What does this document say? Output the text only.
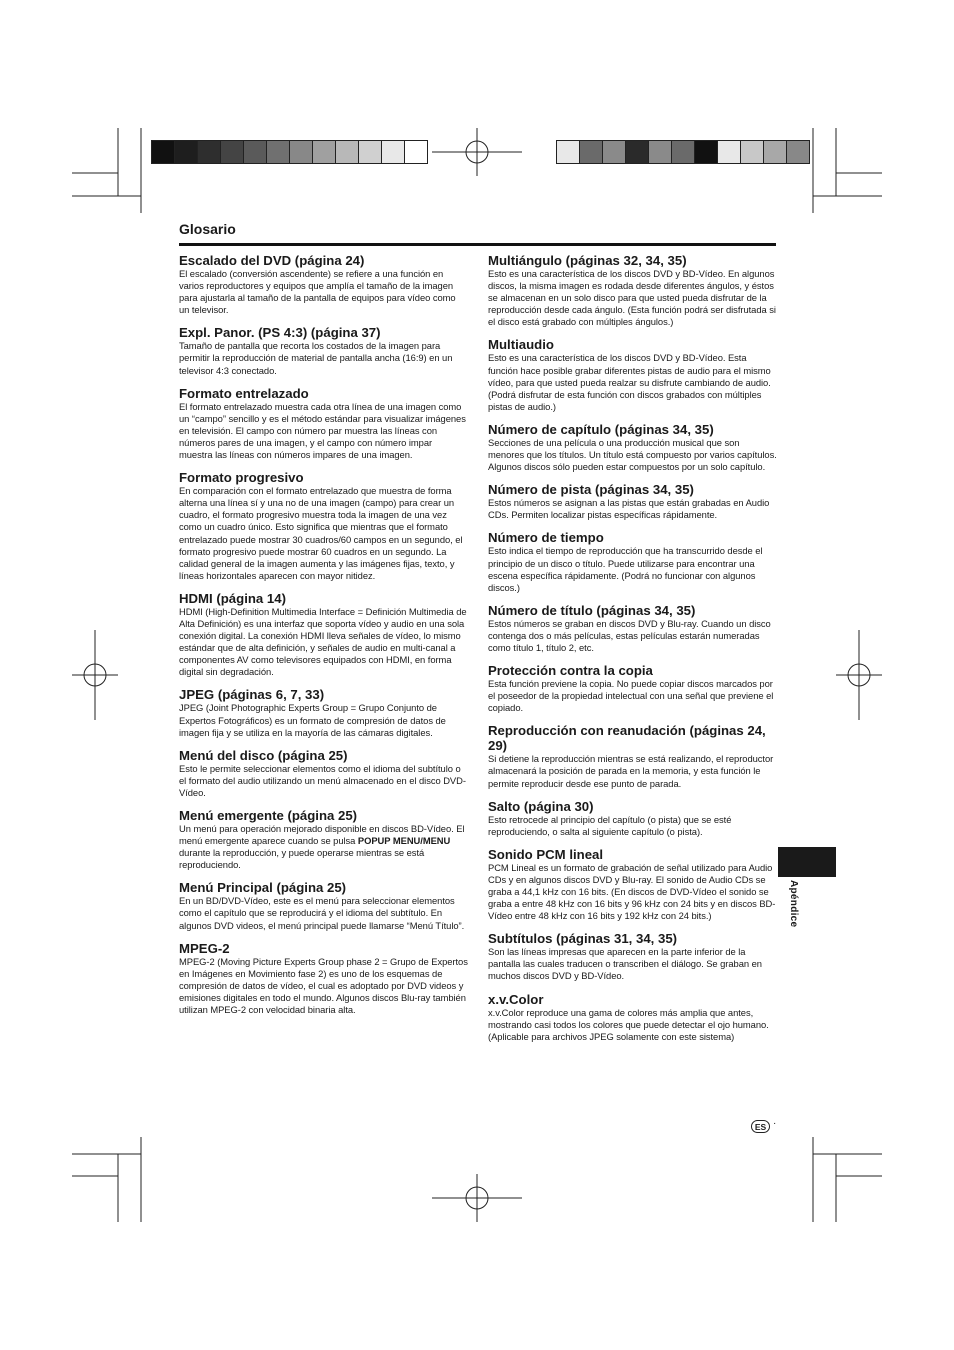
Glosario

Escalado del DVD (página 24)

El escalado (conversión ascendente) se refiere a una función en varios reproductores y equipos que amplía el tamaño de la imagen para ajustarla al tamaño de la pantalla de equipos para vídeo como un televisor.

Expl. Panor. (PS 4:3) (página 37)

Tamaño de pantalla que recorta los costados de la imagen para permitir la reproducción de material de pantalla ancha (16:9) en un televisor 4:3 conectado.

Formato entrelazado

El formato entrelazado muestra cada otra línea de una imagen como un “campo” sencillo y es el método estándar para visualizar imágenes en televisión. El campo con número par muestra las líneas con números pares de una imagen, y el campo con número impar muestra las líneas con números impares de una imagen.

Formato progresivo

En comparación con el formato entrelazado que muestra de forma alterna una línea sí y una no de una imagen (campo) para crear un cuadro, el formato progresivo muestra toda la imagen de una vez como un cuadro único. Esto significa que mientras que el formato entrelazado puede mostrar 30 cuadros/60 campos en un segundo, el formato progresivo puede mostrar 60 cuadros en un segundo. La calidad general de la imagen aumenta y las imágenes fijas, texto, y líneas horizontales aparecen con mayor nitidez.

HDMI (página 14)

HDMI (High-Definition Multimedia Interface = Definición Multimedia de Alta Definición) es una interfaz que soporta vídeo y audio en una sola conexión digital. La conexión HDMI lleva señales de vídeo, lo mismo estándar que de alta definición, y señales de audio en multi-canal a componentes AV como televisores equipados con HDMI, en forma digital sin degradación.

JPEG (páginas 6, 7, 33)

JPEG (Joint Photographic Experts Group = Grupo Conjunto de Expertos Fotográficos) es un formato de compresión de datos de imagen fija y se utiliza en la mayoría de las cámaras digitales.

Menú del disco (página 25)

Esto le permite seleccionar elementos como el idioma del subtítulo o el formato del audio utilizando un menú almacenado en el disco DVD-Vídeo.

Menú emergente (página 25)

Un menú para operación mejorado disponible en discos BD-Vídeo. El menú emergente aparece cuando se pulsa POPUP MENU/MENU durante la reproducción, y puede operarse mientras se está reproduciendo.

Menú Principal (página 25)

En un BD/DVD-Vídeo, este es el menú para seleccionar elementos como el capítulo que se reproducirá y el idioma del subtítulo. En algunos DVD videos, el menú principal puede llamarse “Menú Título”.

MPEG-2

MPEG-2 (Moving Picture Experts Group phase 2 = Grupo de Expertos en Imágenes en Movimiento fase 2) es uno de los esquemas de compresión de datos de vídeo, el cual es adoptado por DVD videos y emisiones digitales en todo el mundo. Algunos discos Blu-ray también utilizan MPEG-2 con velocidad binaria alta.

Multiángulo (páginas 32, 34, 35)

Esto es una característica de los discos DVD y BD-Vídeo. En algunos discos, la misma imagen es rodada desde diferentes ángulos, y éstos se almacenan en un solo disco para que usted pueda disfrutar de la reproducción desde cada ángulo. (Esta función podrá ser disfrutada si el disco está grabado con múltiples ángulos.)

Multiaudio

Esto es una característica de los discos DVD y BD-Vídeo. Esta función hace posible grabar diferentes pistas de audio para el mismo vídeo, para que usted pueda realzar su disfrute cambiando de audio. (Podrá disfrutar de esta función con discos grabados con múltiples pistas de audio.)

Número de capítulo (páginas 34, 35)

Secciones de una película o una producción musical que son menores que los títulos. Un título está compuesto por varios capítulos. Algunos discos sólo pueden estar compuestos por un solo capítulo.

Número de pista (páginas 34, 35)

Estos números se asignan a las pistas que están grabadas en Audio CDs. Permiten localizar pistas específicas rápidamente.

Número de tiempo

Esto indica el tiempo de reproducción que ha transcurrido desde el principio de un disco o título. Puede utilizarse para encontrar una escena específica rápidamente. (Podrá no funcionar con algunos discos.)

Número de título (páginas 34, 35)

Estos números se graban en discos DVD y Blu-ray. Cuando un disco contenga dos o más películas, estas películas estarán numeradas como título 1, título 2, etc.

Protección contra la copia

Esta función previene la copia. No puede copiar discos marcados por el poseedor de la propiedad intelectual con una señal que previene el copiado.

Reproducción con reanudación (páginas 24, 29)

Si detiene la reproducción mientras se está realizando, el reproductor almacenará la posición de parada en la memoria, y esta función le permite reproducir desde ese punto de parada.

Salto (página 30)

Esto retrocede al principio del capítulo (o pista) que se esté reproduciendo, o salta al siguiente capítulo (o pista).

Sonido PCM lineal

PCM Lineal es un formato de grabación de señal utilizado para Audio CDs y en algunos discos DVD y Blu-ray. El sonido de Audio CDs se graba a 44,1 kHz con 16 bits. (En discos de DVD-Vídeo el sonido se graba a entre 48 kHz con 16 bits y 96 kHz con 24 bits y en discos BD-Vídeo entre 48 kHz con 16 bits y 192 kHz con 24 bits.)

Subtítulos (páginas 31, 34, 35)

Son las líneas impresas que aparecen en la parte inferior de la pantalla las cuales traducen o transcriben el diálogo. Se graban en muchos discos DVD y BD-Vídeo.

x.v.Color

x.v.Color reproduce una gama de colores más amplia que antes, mostrando casi todos los colores que puede detectar el ojo humano. (Aplicable para archivos JPEG solamente con este sistema)

Apéndice
ES ·
